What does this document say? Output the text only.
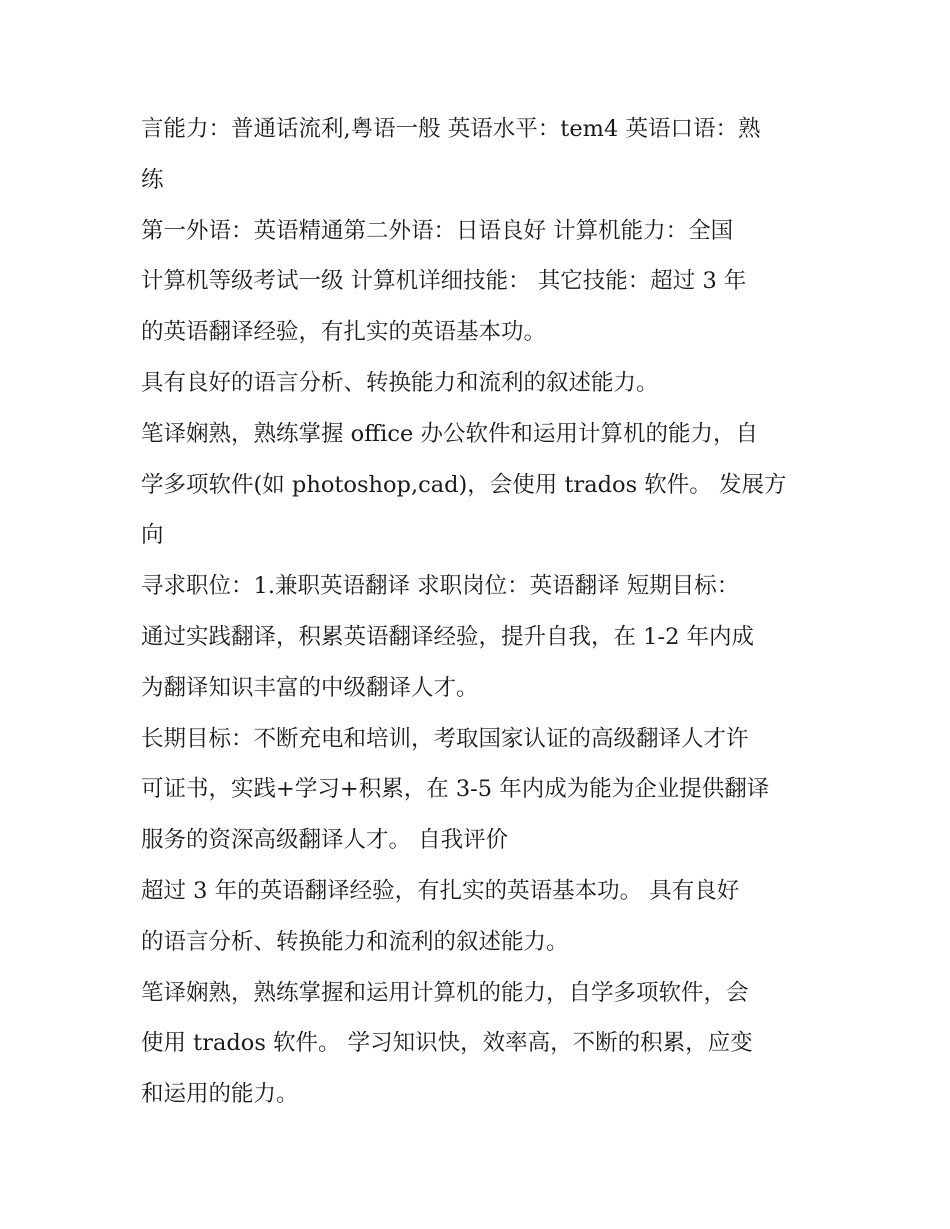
言能力：普通话流利,粤语一般 英语水平：tem4 英语口语：熟

练

第一外语：英语精通第二外语：日语良好 计算机能力：全国

计算机等级考试一级 计算机详细技能： 其它技能：超过 3 年

的英语翻译经验，有扎实的英语基本功。

具有良好的语言分析、转换能力和流利的叙述能力。

笔译娴熟，熟练掌握 office 办公软件和运用计算机的能力，自

学多项软件(如 photoshop,cad)，会使用 trados 软件。 发展方

向

寻求职位：1.兼职英语翻译 求职岗位：英语翻译 短期目标：

通过实践翻译，积累英语翻译经验，提升自我，在 1-2 年内成

为翻译知识丰富的中级翻译人才。

长期目标：不断充电和培训，考取国家认证的高级翻译人才许

可证书，实践+学习+积累，在 3-5 年内成为能为企业提供翻译

服务的资深高级翻译人才。 自我评价

超过 3 年的英语翻译经验，有扎实的英语基本功。 具有良好

的语言分析、转换能力和流利的叙述能力。

笔译娴熟，熟练掌握和运用计算机的能力，自学多项软件，会

使用 trados 软件。 学习知识快，效率高，不断的积累，应变

和运用的能力。
